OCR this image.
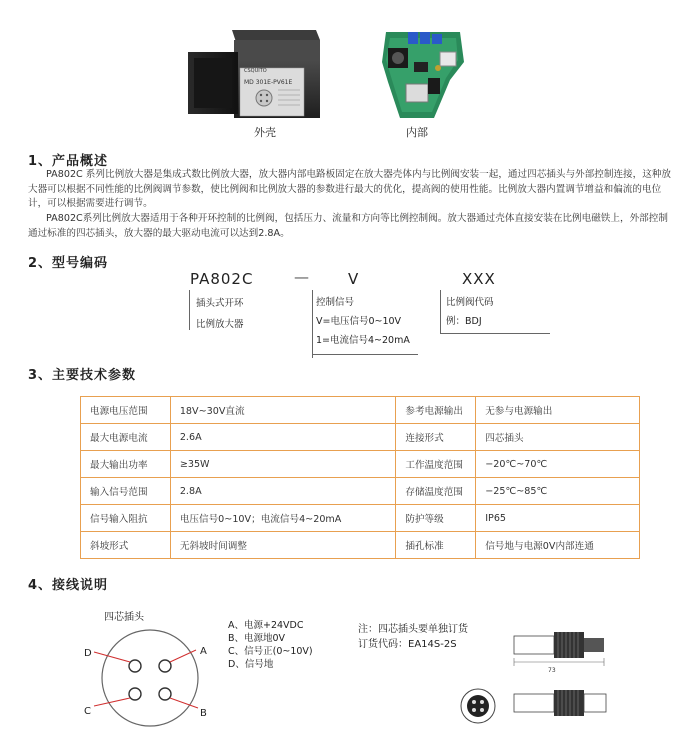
CSQUITO
MD 301E-PV61E
外壳	内部
1、产品概述
PA802C 系列比例放大器是集成式数比例放大器，放大器内部电路板固定在放大器壳体内与比例阀安装一起，通过四芯插头与外部控制连接，这种放大器可以根据不同性能的比例阀调节参数，使比例阀和比例放大器的参数进行最大的优化，提高阀的使用性能。比例放大器内置调节增益和偏流的电位计，可以根据需要进行调节。
PA802C系列比例放大器适用于各种开环控制的比例阀，包括压力、流量和方向等比例控制阀。放大器通过壳体直接安装在比例电磁铁上，外部控制通过标准的四芯插头，放大器的最大驱动电流可以达到2.8A。
2、型号编码
PA802C	—	V	XXX
插头式开环
比例放大器
控制信号
V=电压信号0~10V
1=电流信号4~20mA
比例阀代码
例：BDJ
3、主要技术参数
电源电压范围	18V~30V直流	参考电源输出	无参与电源输出
最大电源电流	2.6A	连接形式	四芯插头
最大输出功率	≥35W	工作温度范围	−20℃~70℃
输入信号范围	2.8A	存储温度范围	−25℃~85℃
信号输入阻抗	电压信号0~10V；电流信号4~20mA	防护等级	IP65
斜坡形式	无斜坡时间调整	插孔标准	信号地与电源0V内部连通
4、接线说明
四芯插头
D	A
C	B
A、电源+24VDC
B、电源地0V
C、信号正(0~10V)
D、信号地
注：四芯插头要单独订货
订货代码：EA14S-2S
73
